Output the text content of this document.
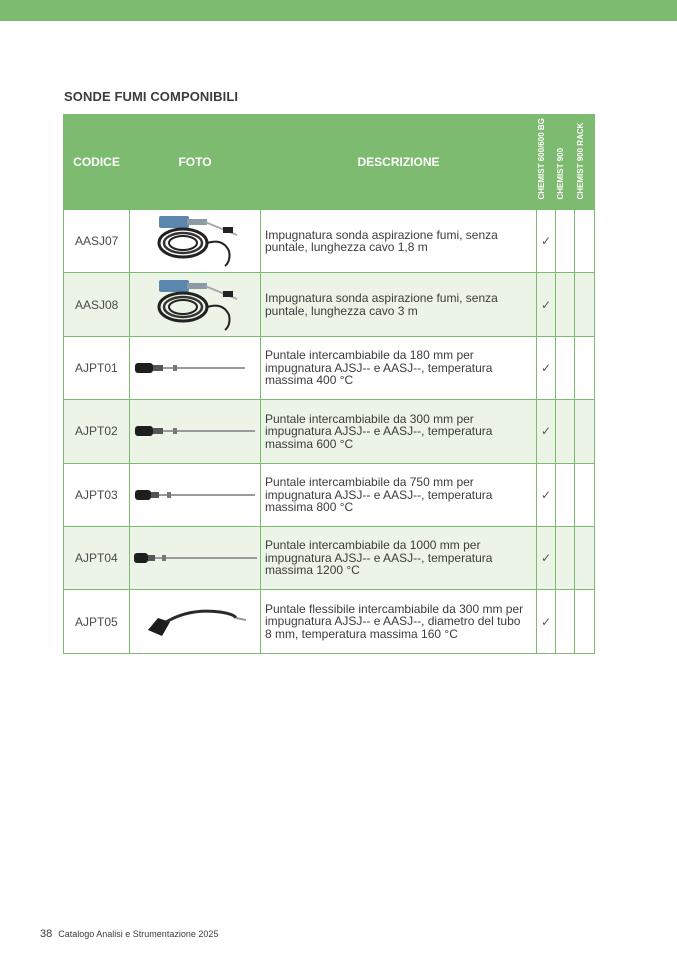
SONDE FUMI COMPONIBILI
CODICE	FOTO	DESCRIZIONE	CHEMIST 600/600 BG	CHEMIST 900	CHEMIST 900 RACK

AASJ07		Impugnatura sonda aspirazione fumi, senza puntale, lunghezza cavo 1,8 m	✓		
AASJ08		Impugnatura sonda aspirazione fumi, senza puntale, lunghezza cavo 3 m	✓		
AJPT01		Puntale intercambiabile da 180 mm per impugnatura AJSJ-- e AASJ--, temperatura massima 400 °C	✓		
AJPT02		Puntale intercambiabile da 300 mm per impugnatura AJSJ-- e AASJ--, temperatura massima 600 °C	✓		
AJPT03		Puntale intercambiabile da 750 mm per impugnatura AJSJ-- e AASJ--, temperatura massima 800 °C	✓		
AJPT04		Puntale intercambiabile da 1000 mm per impugnatura AJSJ-- e AASJ--, temperatura massima 1200 °C	✓		
AJPT05		Puntale flessibile intercambiabile da 300 mm per impugnatura AJSJ-- e AASJ--, diametro del tubo 8 mm, temperatura massima 160 °C	✓		
38 Catalogo Analisi e Strumentazione 2025
